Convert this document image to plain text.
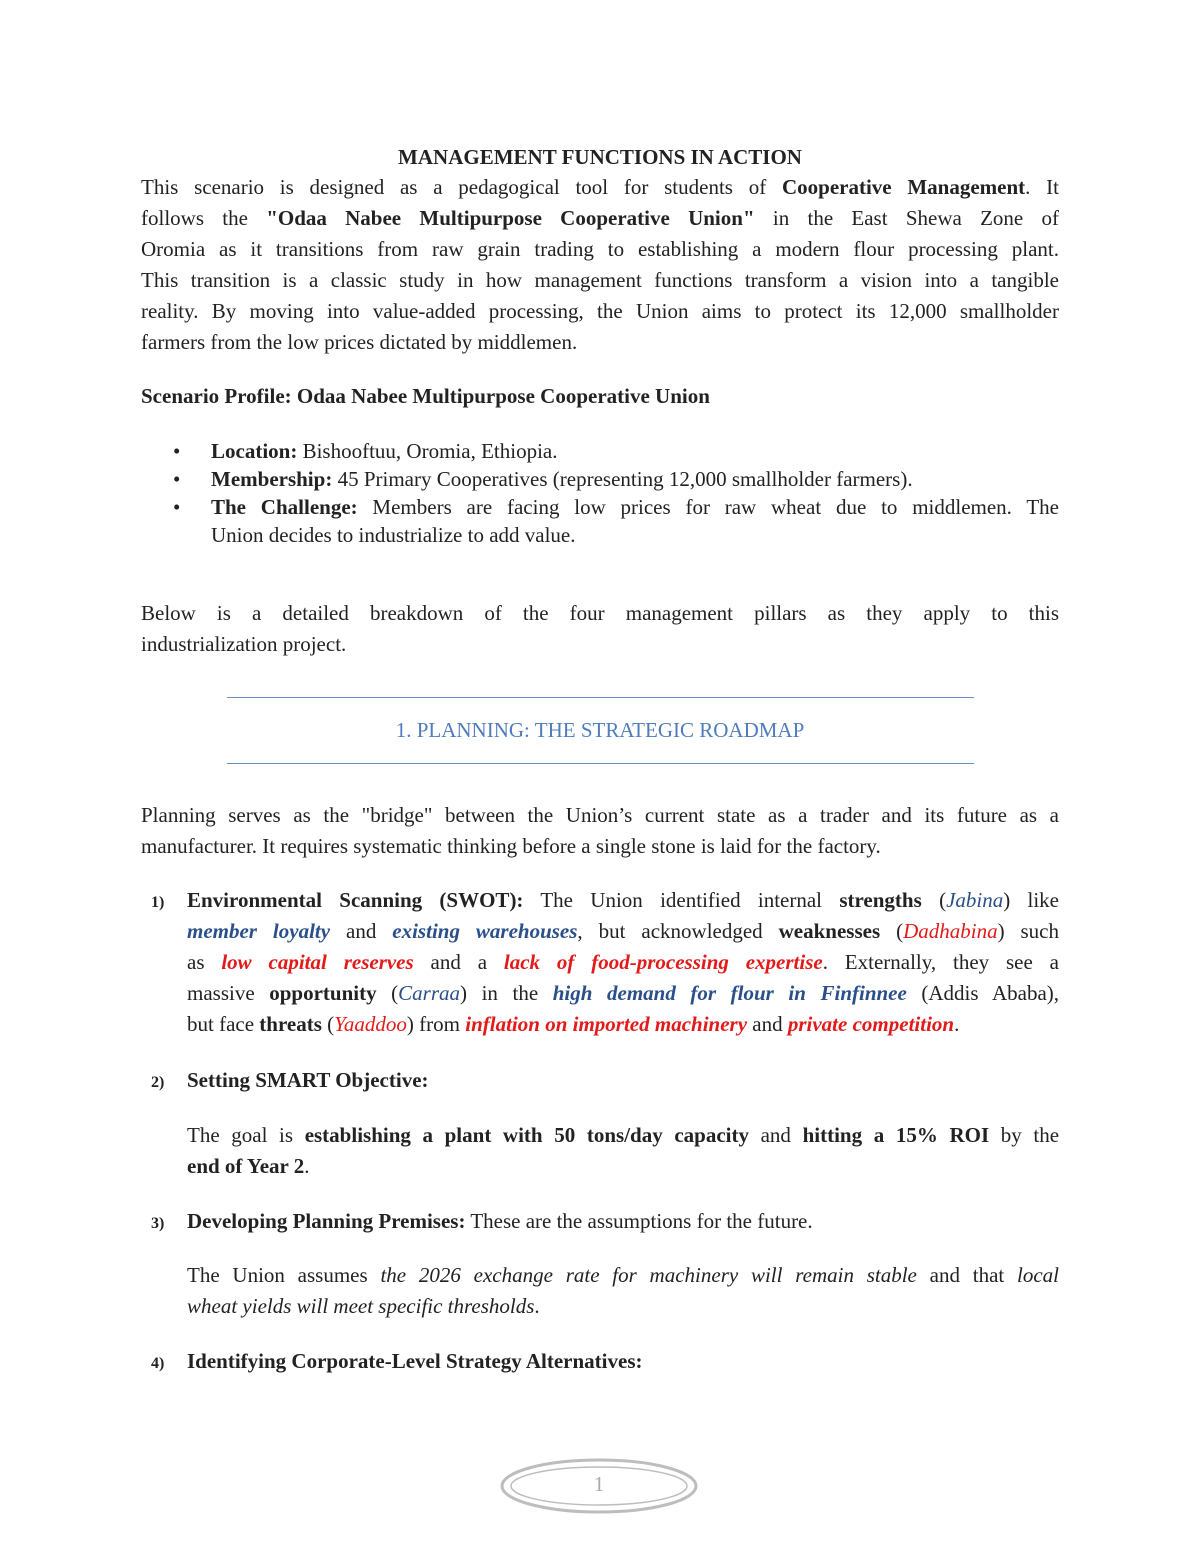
MANAGEMENT FUNCTIONS IN ACTION
This scenario is designed as a pedagogical tool for students of Cooperative Management. It
follows the "Odaa Nabee Multipurpose Cooperative Union" in the East Shewa Zone of
Oromia as it transitions from raw grain trading to establishing a modern flour processing plant.
This transition is a classic study in how management functions transform a vision into a tangible
reality. By moving into value-added processing, the Union aims to protect its 12,000 smallholder
farmers from the low prices dictated by middlemen.
Scenario Profile: Odaa Nabee Multipurpose Cooperative Union
• Location: Bishooftuu, Oromia, Ethiopia.
• Membership: 45 Primary Cooperatives (representing 12,000 smallholder farmers).
• The Challenge: Members are facing low prices for raw wheat due to middlemen. The
Union decides to industrialize to add value.
Below is a detailed breakdown of the four management pillars as they apply to this
industrialization project.
1. PLANNING: THE STRATEGIC ROADMAP
Planning serves as the "bridge" between the Union’s current state as a trader and its future as a
manufacturer. It requires systematic thinking before a single stone is laid for the factory.
1) Environmental Scanning (SWOT): The Union identified internal strengths (Jabina) like
member loyalty and existing warehouses, but acknowledged weaknesses (Dadhabina) such
as low capital reserves and a lack of food-processing expertise. Externally, they see a
massive opportunity (Carraa) in the high demand for flour in Finfinnee (Addis Ababa),
but face threats (Yaaddoo) from inflation on imported machinery and private competition.
2) Setting SMART Objective:
The goal is establishing a plant with 50 tons/day capacity and hitting a 15% ROI by the
end of Year 2.
3) Developing Planning Premises: These are the assumptions for the future.
The Union assumes the 2026 exchange rate for machinery will remain stable and that local
wheat yields will meet specific thresholds.
4) Identifying Corporate-Level Strategy Alternatives:
1
